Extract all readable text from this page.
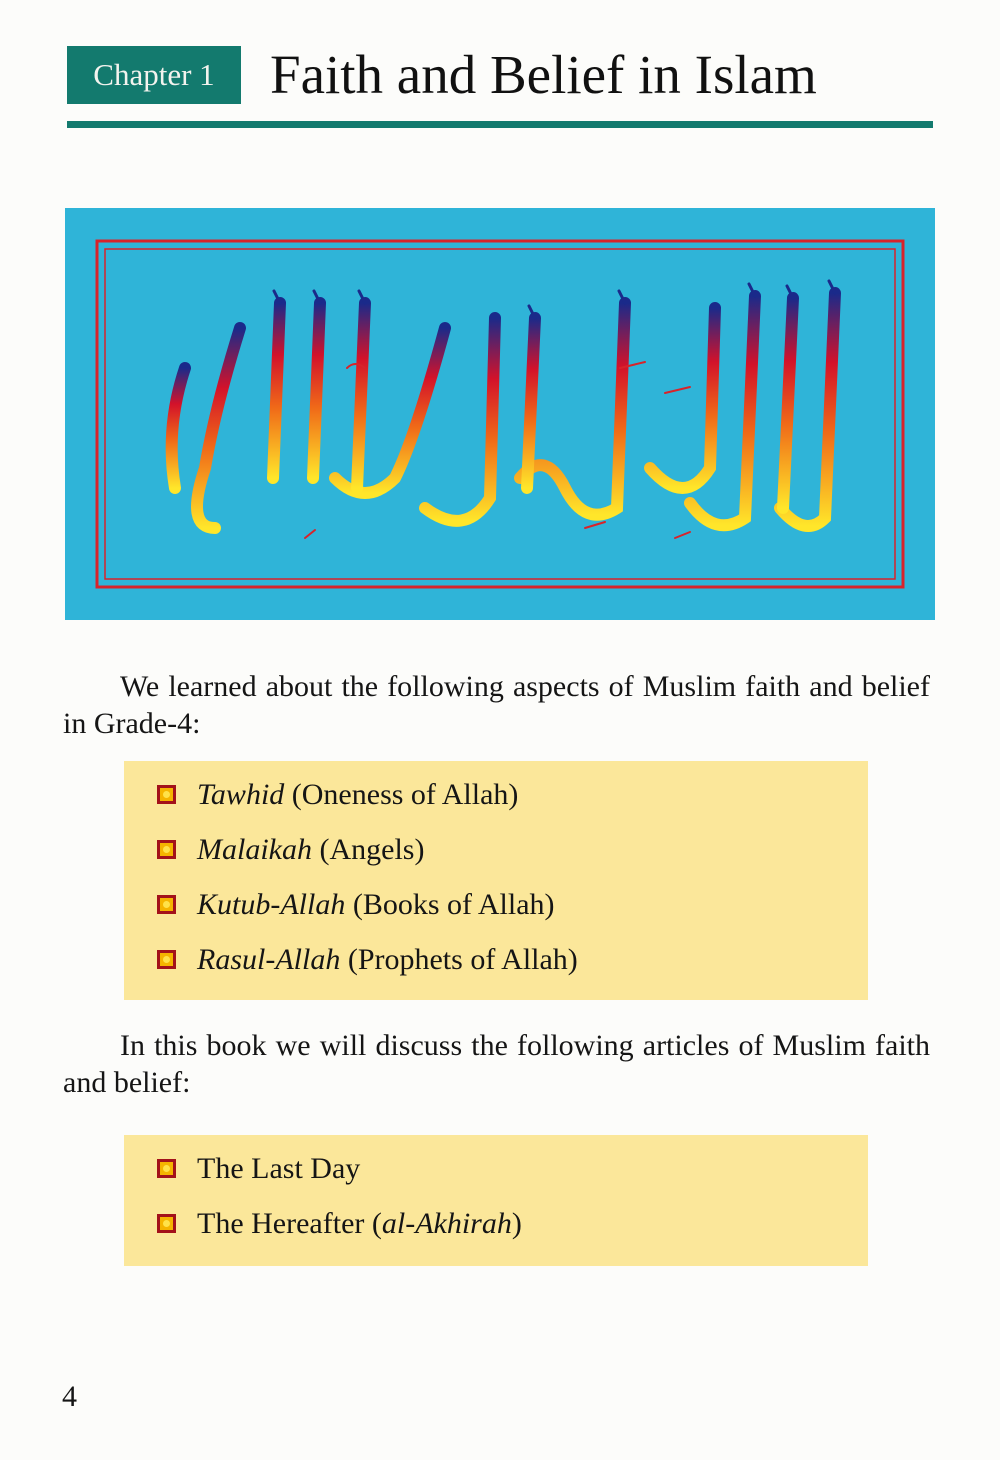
Chapter 1 Faith and Belief in Islam

We learned about the following aspects of Muslim faith and belief in Grade-4:

Tawhid (Oneness of Allah)
Malaikah (Angels)
Kutub-Allah (Books of Allah)
Rasul-Allah (Prophets of Allah)

In this book we will discuss the following articles of Muslim faith and belief:

The Last Day
The Hereafter (al-Akhirah)
4
